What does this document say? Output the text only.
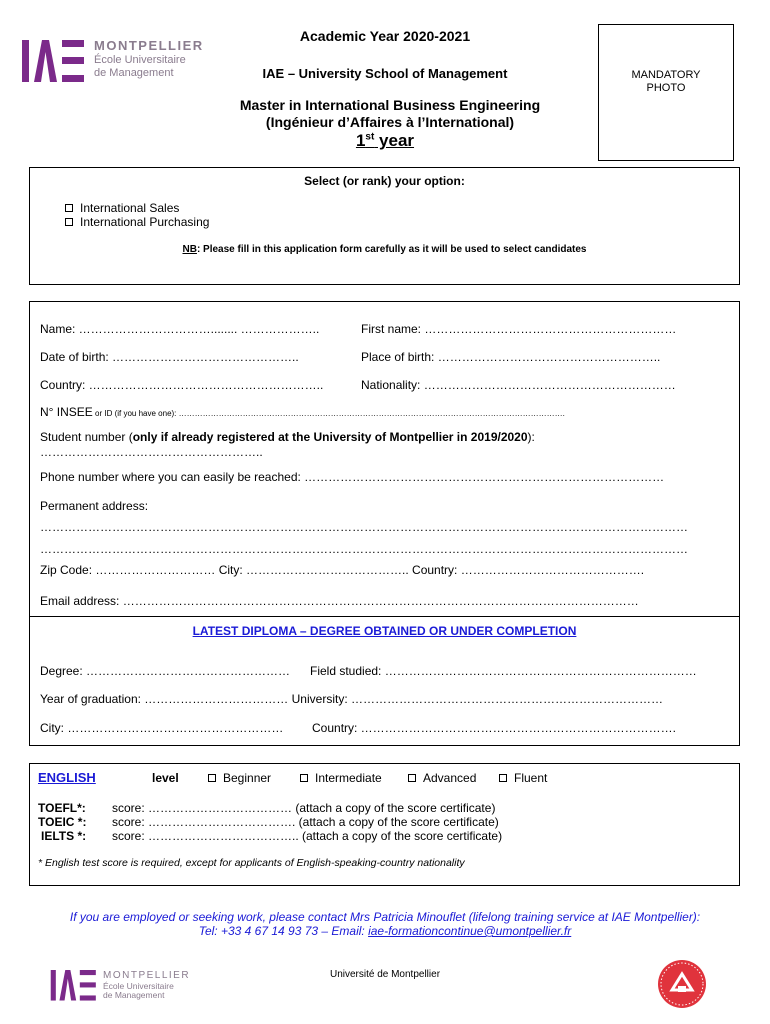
MONTPELLIER
École Universitaire
de Management
Academic Year 2020-2021
IAE – University School of Management
Master in International Business Engineering
(Ingénieur d’Affaires à l’International)
1st year
MANDATORY
PHOTO
Select (or rank) your option:
International Sales
International Purchasing
NB: Please fill in this application form carefully as it will be used to select candidates
Name: ……………………………........ ………………..	First name: ………………………………………………………
Date of birth: ………………………………………..	Place of birth: ………………………………………………..
Country: …………………………………………………..	Nationality: ………………………………………………………
N° INSEE or ID (if you have one): ……………………………………………………………………………………………………………………………….
Student number (only if already registered at the University of Montpellier in 2019/2020):
………………………………………………..
Phone number where you can easily be reached: ………………………………………………………………………………
Permanent address:
………………………………………………………………………………………………………………………………………………
………………………………………………………………………………………………………………………………………………
Zip Code: ………………………… City: ………………………………….. Country: ……………………………………….
Email address: …………………………………………………………………………………………………………………
LATEST DIPLOMA – DEGREE OBTAINED OR UNDER COMPLETION
Degree: …………………………………………… Field studied: ……………………………………………………………………
Year of graduation: ……………………………… University: ……………………………………………………………………
City: ……………………………………………… Country: …………………………………………………………………….
ENGLISH	level	Beginner	Intermediate	Advanced	Fluent
TOEFL*: score: ……………………………… (attach a copy of the score certificate)
TOEIC *: score: ………………………………. (attach a copy of the score certificate)
IELTS *: score: ……………………………….. (attach a copy of the score certificate)
* English test score is required, except for applicants of English-speaking-country nationality
If you are employed or seeking work, please contact Mrs Patricia Minouflet (lifelong training service at IAE Montpellier):
Tel: +33 4 67 14 93 73 – Email: iae-formationcontinue@umontpellier.fr
MONTPELLIER
École Universitaire
de Management
Université de Montpellier
